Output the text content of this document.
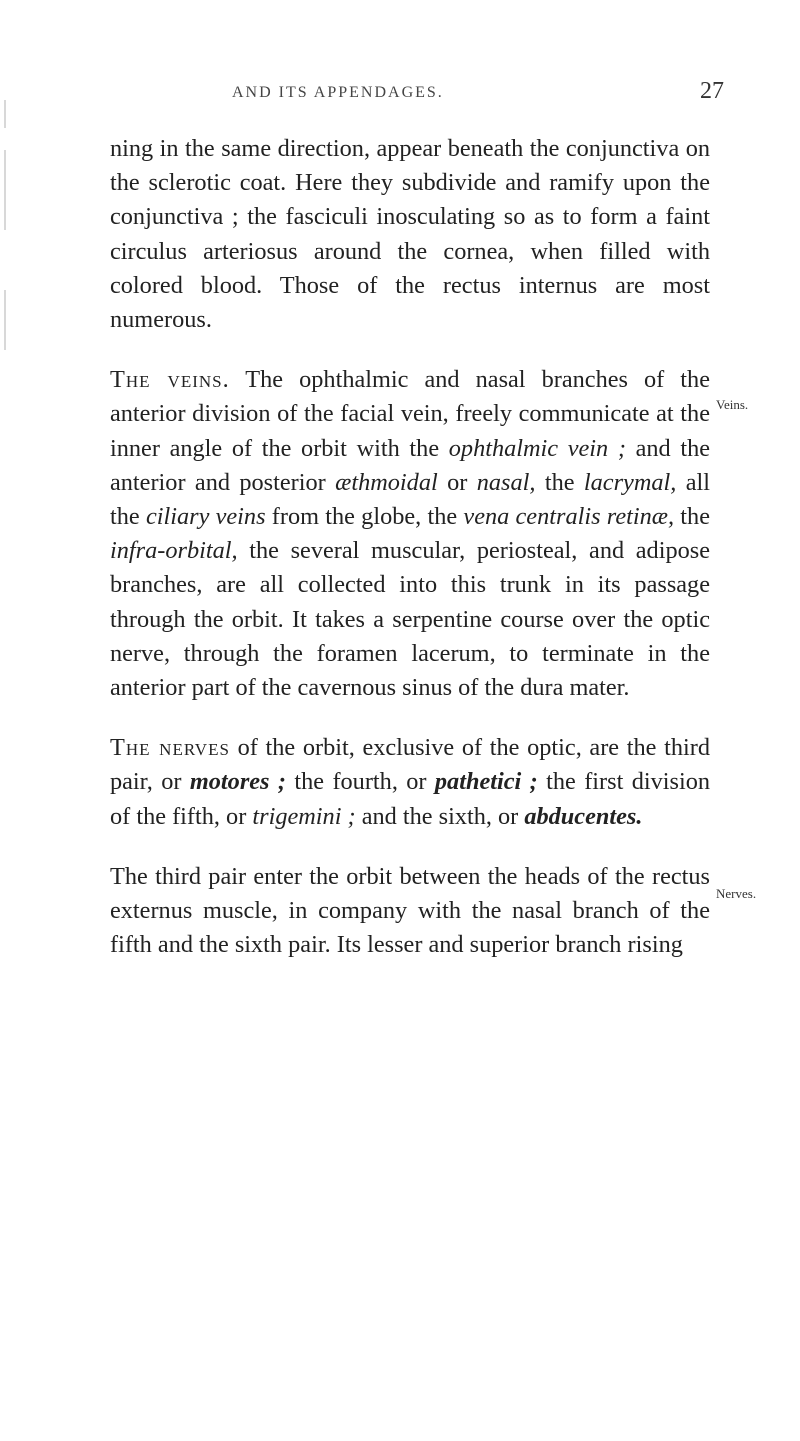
AND ITS APPENDAGES.	27

ning in the same direction, appear beneath the conjunctiva on the sclerotic coat. Here they subdivide and ramify upon the conjunctiva ; the fasciculi inosculating so as to form a faint circulus arteriosus around the cornea, when filled with colored blood. Those of the rectus internus are most numerous.

The veins. The ophthalmic and nasal branches of the anterior division of the facial vein, freely communicate at the inner angle of the orbit with the ophthalmic vein ; and the anterior and posterior æthmoidal or nasal, the lacrymal, all the ciliary veins from the globe, the vena centralis retinæ, the infra-orbital, the several muscular, periosteal, and adipose branches, are all collected into this trunk in its passage through the orbit. It takes a serpentine course over the optic nerve, through the foramen lacerum, to terminate in the anterior part of the cavernous sinus of the dura mater.

The nerves of the orbit, exclusive of the optic, are the third pair, or motores ; the fourth, or pathetici ; the first division of the fifth, or trigemini ; and the sixth, or abducentes.

The third pair enter the orbit between the heads of the rectus externus muscle, in company with the nasal branch of the fifth and the sixth pair. Its lesser and superior branch rising

Veins.
Nerves.
